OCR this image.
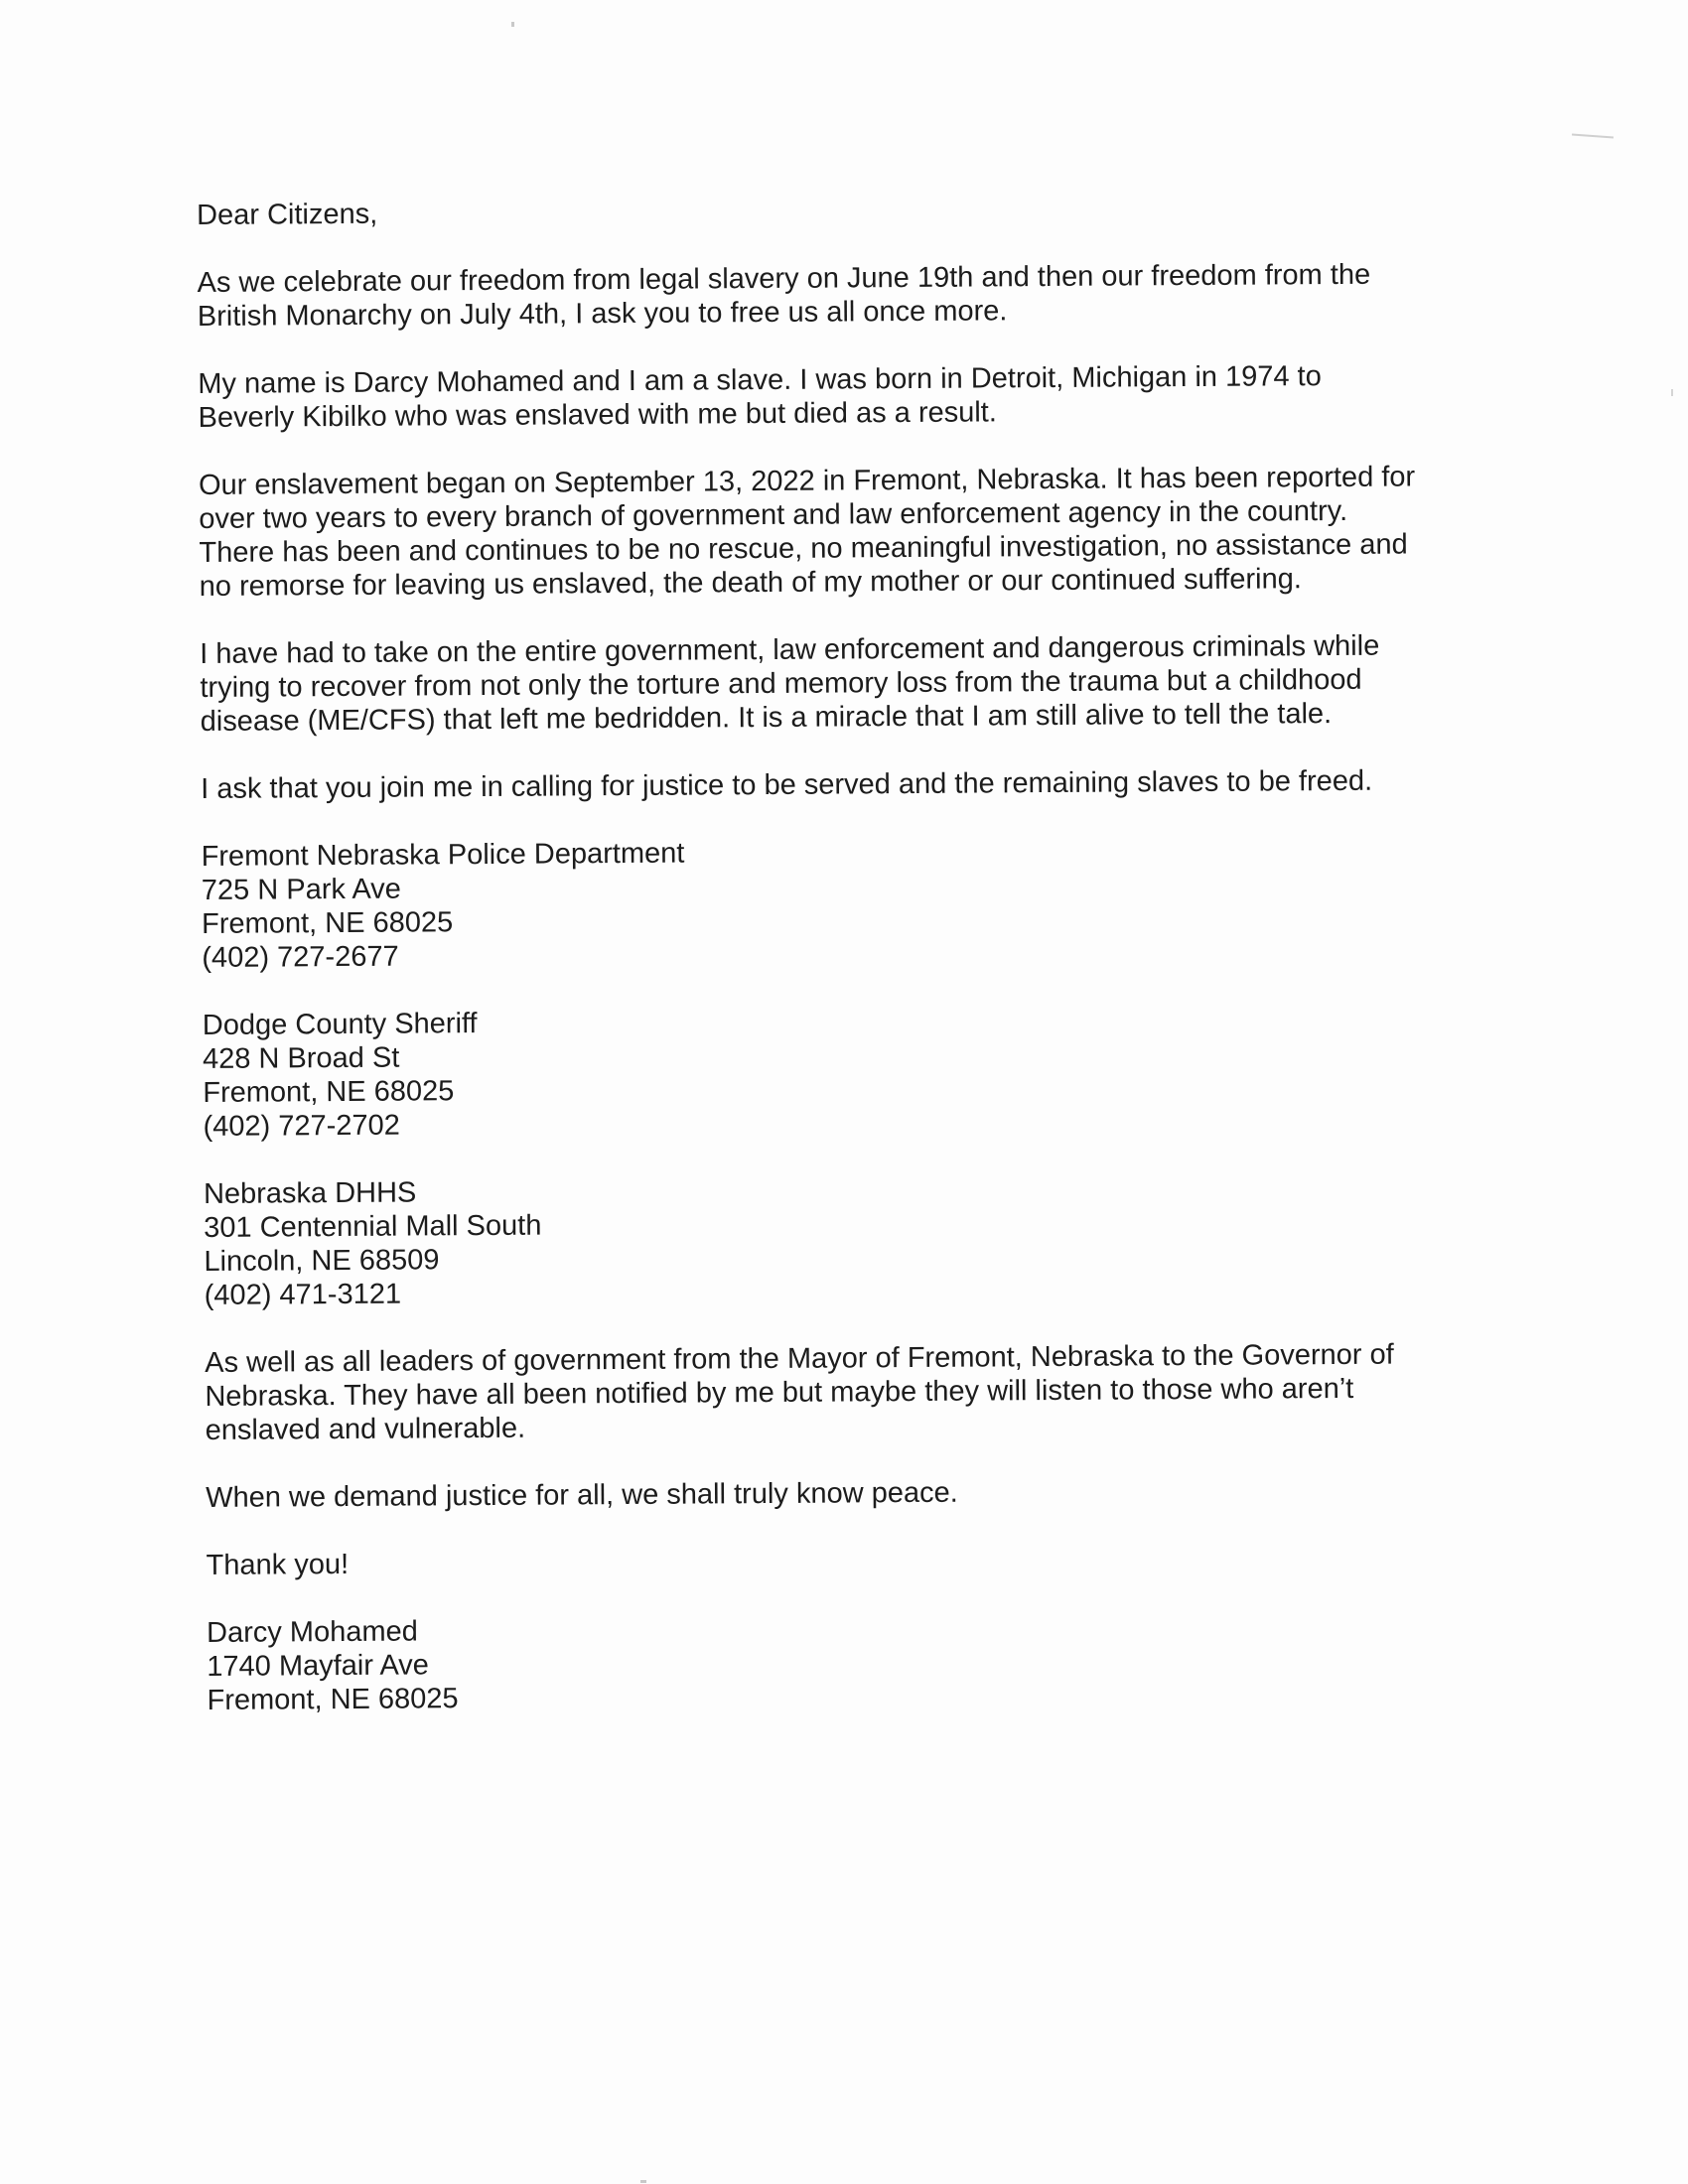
Dear Citizens,

As we celebrate our freedom from legal slavery on June 19th and then our freedom from the
British Monarchy on July 4th, I ask you to free us all once more.

My name is Darcy Mohamed and I am a slave. I was born in Detroit, Michigan in 1974 to
Beverly Kibilko who was enslaved with me but died as a result.

Our enslavement began on September 13, 2022 in Fremont, Nebraska. It has been reported for
over two years to every branch of government and law enforcement agency in the country.
There has been and continues to be no rescue, no meaningful investigation, no assistance and
no remorse for leaving us enslaved, the death of my mother or our continued suffering.

I have had to take on the entire government, law enforcement and dangerous criminals while
trying to recover from not only the torture and memory loss from the trauma but a childhood
disease (ME/CFS) that left me bedridden. It is a miracle that I am still alive to tell the tale.

I ask that you join me in calling for justice to be served and the remaining slaves to be freed.

Fremont Nebraska Police Department
725 N Park Ave
Fremont, NE 68025
(402) 727-2677
Dodge County Sheriff
428 N Broad St
Fremont, NE 68025
(402) 727-2702
Nebraska DHHS
301 Centennial Mall South
Lincoln, NE 68509
(402) 471-3121

As well as all leaders of government from the Mayor of Fremont, Nebraska to the Governor of
Nebraska. They have all been notified by me but maybe they will listen to those who aren’t
enslaved and vulnerable.

When we demand justice for all, we shall truly know peace.

Thank you!

Darcy Mohamed
1740 Mayfair Ave
Fremont, NE 68025
